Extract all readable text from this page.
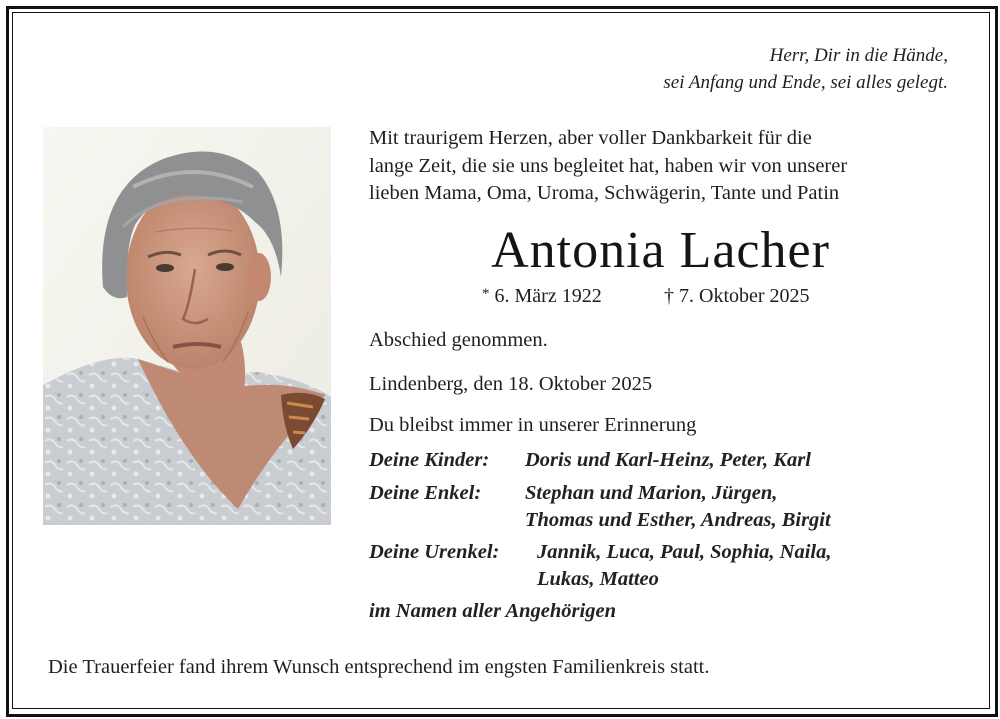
Herr, Dir in die Hände,
sei Anfang und Ende, sei alles gelegt.
Mit traurigem Herzen, aber voller Dankbarkeit für die
lange Zeit, die sie uns begleitet hat, haben wir von unserer
lieben Mama, Oma, Uroma, Schwägerin, Tante und Patin
Antonia Lacher
* 6. März 1922	† 7. Oktober 2025
Abschied genommen.
Lindenberg, den 18. Oktober 2025
Du bleibst immer in unserer Erinnerung
Deine Kinder: Doris und Karl-Heinz, Peter, Karl
Deine Enkel: Stephan und Marion, Jürgen,
Thomas und Esther, Andreas, Birgit
Deine Urenkel: Jannik, Luca, Paul, Sophia, Naila,
Lukas, Matteo
im Namen aller Angehörigen
Die Trauerfeier fand ihrem Wunsch entsprechend im engsten Familienkreis statt.
